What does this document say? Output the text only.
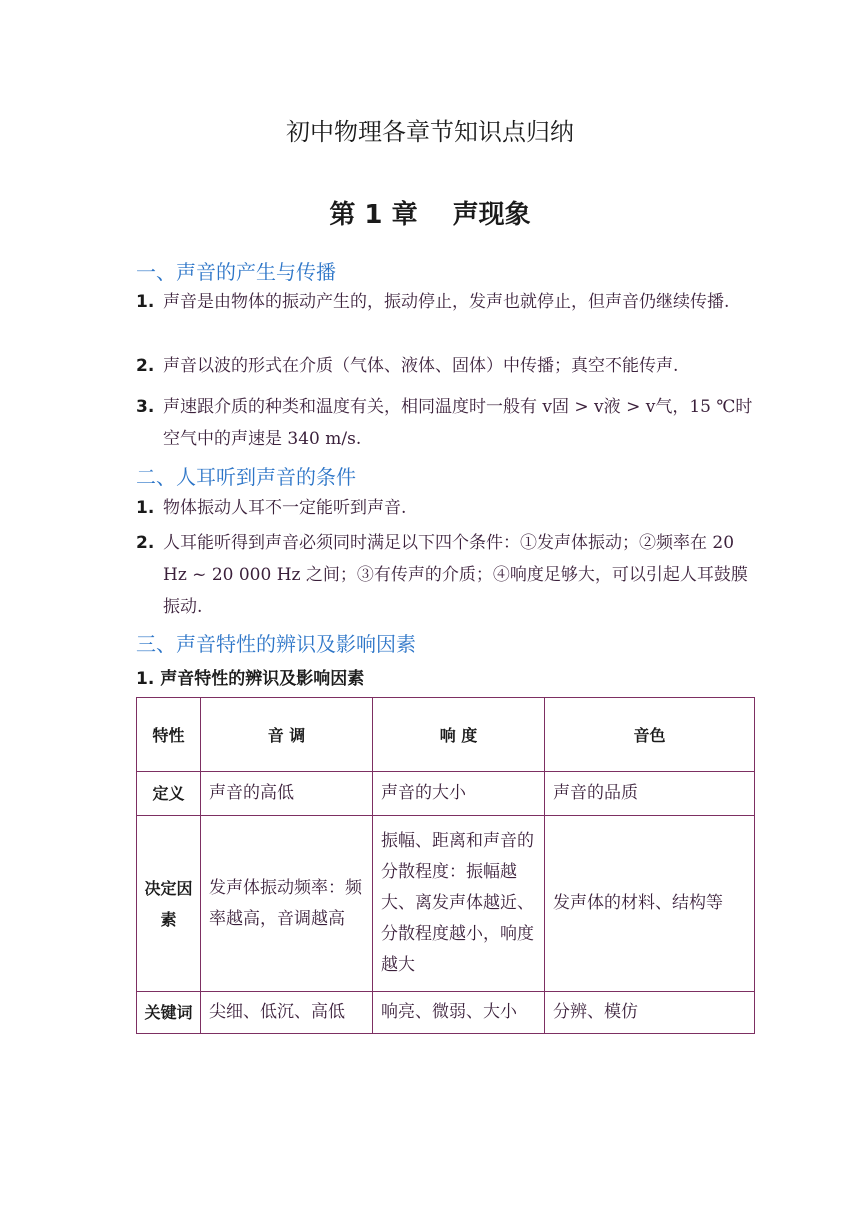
初中物理各章节知识点归纳
第 1 章　 声现象
一、声音的产生与传播
1. 声音是由物体的振动产生的，振动停止，发声也就停止，但声音仍继续传播.
2. 声音以波的形式在介质（气体、液体、固体）中传播；真空不能传声.
3. 声速跟介质的种类和温度有关，相同温度时一般有 v固 > v液 > v气，15 ℃时空气中的声速是 340 m/s.
二、人耳听到声音的条件
1. 物体振动人耳不一定能听到声音.
2. 人耳能听得到声音必须同时满足以下四个条件：①发声体振动；②频率在 20 Hz ~ 20 000 Hz 之间；③有传声的介质；④响度足够大，可以引起人耳鼓膜振动.
三、声音特性的辨识及影响因素
1. 声音特性的辨识及影响因素
特性	音 调	响 度	音色
定义	声音的高低	声音的大小	声音的品质
决定因素	发声体振动频率：频率越高，音调越高	振幅、距离和声音的分散程度：振幅越大、离发声体越近、分散程度越小，响度越大	发声体的材料、结构等
关键词	尖细、低沉、高低	响亮、微弱、大小	分辨、模仿
